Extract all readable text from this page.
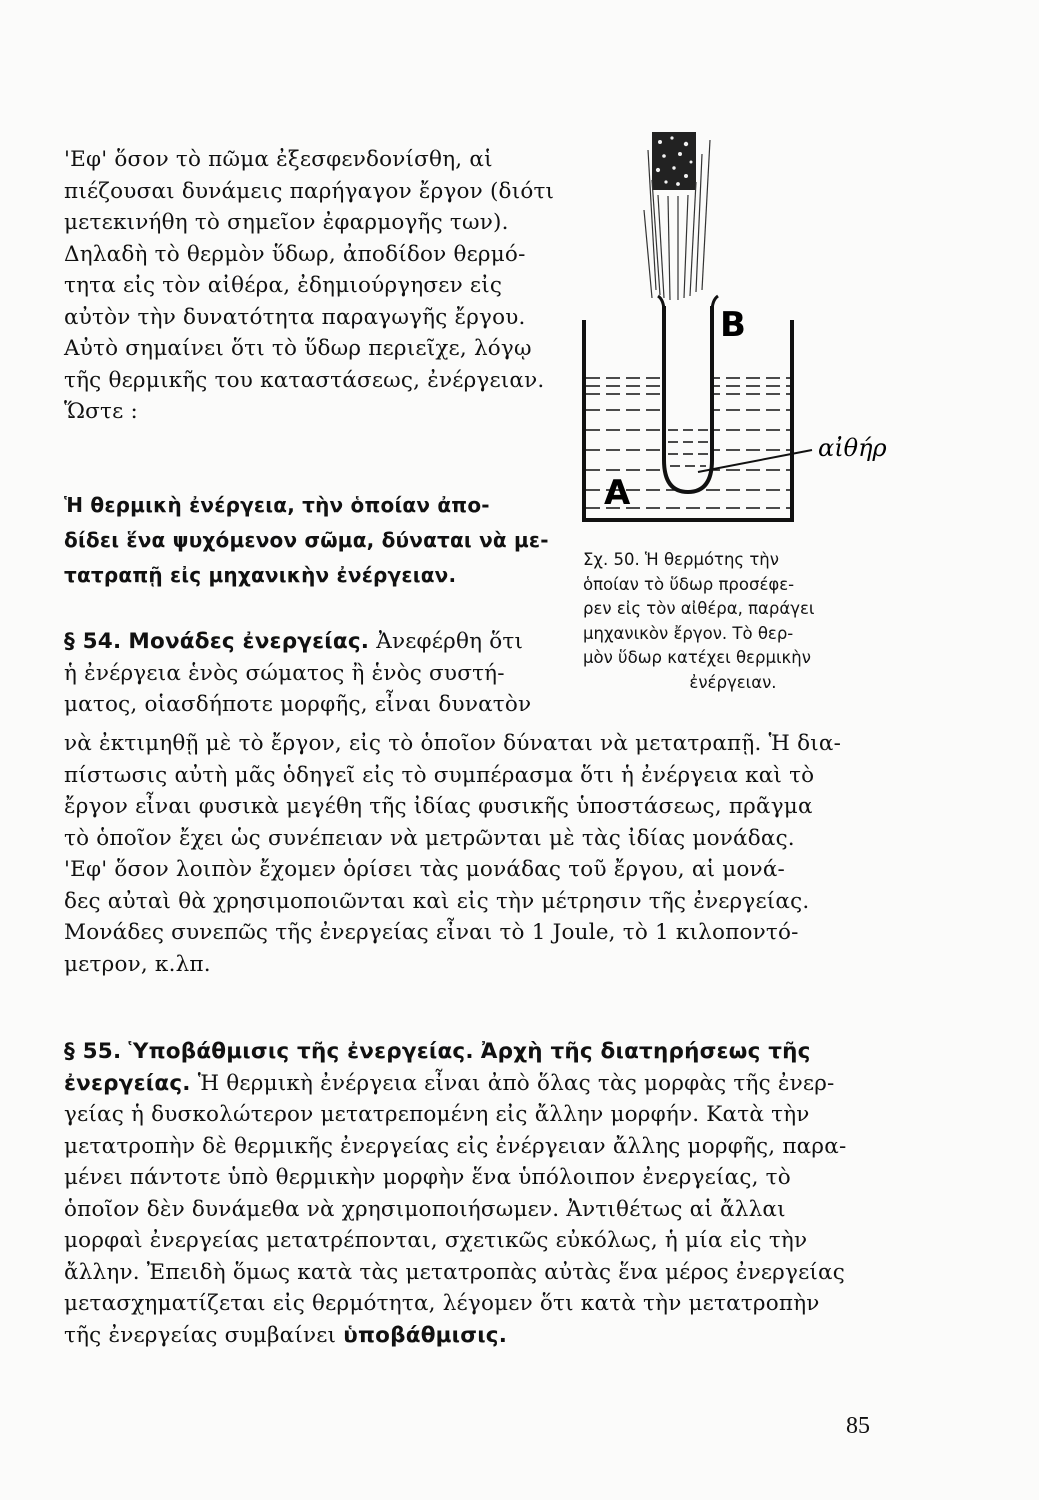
'Εφ' ὅσον τὸ πῶμα ἐξεσφενδονίσθη, αἱ
πιέζουσαι δυνάμεις παρήγαγον ἔργον (διότι
μετεκινήθη τὸ σημεῖον ἐφαρμογῆς των).
Δηλαδὴ τὸ θερμὸν ὕδωρ, ἀποδίδον θερμό-
τητα εἰς τὸν αἰθέρα, ἐδημιούργησεν εἰς
αὐτὸν τὴν δυνατότητα παραγωγῆς ἔργου.
Αὐτὸ σημαίνει ὅτι τὸ ὕδωρ περιεῖχε, λόγῳ
τῆς θερμικῆς του καταστάσεως, ἐνέργειαν.
Ὥστε :
Ἡ θερμικὴ ἐνέργεια, τὴν ὁποίαν ἀπο-
δίδει ἕνα ψυχόμενον σῶμα, δύναται νὰ με-
τατραπῇ εἰς μηχανικὴν ἐνέργειαν.
B
A
αἰθήρ
Σχ. 50. Ἡ θερμότης τὴν
ὁποίαν τὸ ὕδωρ προσέφε-
ρεν εἰς τὸν αἰθέρα, παράγει
μηχανικὸν ἔργον. Τὸ θερ-
μὸν ὕδωρ κατέχει θερμικὴν
ἐνέργειαν.
§ 54. Μονάδες ἐνεργείας. Ἀνεφέρθη ὅτι
ἡ ἐνέργεια ἑνὸς σώματος ἢ ἑνὸς συστή-
ματος, οἱασδήποτε μορφῆς, εἶναι δυνατὸν
νὰ ἐκτιμηθῇ μὲ τὸ ἔργον, εἰς τὸ ὁποῖον δύναται νὰ μετατραπῇ. Ἡ δια-
πίστωσις αὐτὴ μᾶς ὁδηγεῖ εἰς τὸ συμπέρασμα ὅτι ἡ ἐνέργεια καὶ τὸ
ἔργον εἶναι φυσικὰ μεγέθη τῆς ἰδίας φυσικῆς ὑποστάσεως, πρᾶγμα
τὸ ὁποῖον ἔχει ὡς συνέπειαν νὰ μετρῶνται μὲ τὰς ἰδίας μονάδας.
'Εφ' ὅσον λοιπὸν ἔχομεν ὁρίσει τὰς μονάδας τοῦ ἔργου, αἱ μονά-
δες αὐταὶ θὰ χρησιμοποιῶνται καὶ εἰς τὴν μέτρησιν τῆς ἐνεργείας.
Μονάδες συνεπῶς τῆς ἐνεργείας εἶναι τὸ 1 Joule, τὸ 1 κιλοποντό-
μετρον, κ.λπ.
§ 55. Ὑποβάθμισις τῆς ἐνεργείας. Ἀρχὴ τῆς διατηρήσεως τῆς
ἐνεργείας. Ἡ θερμικὴ ἐνέργεια εἶναι ἀπὸ ὅλας τὰς μορφὰς τῆς ἐνερ-
γείας ἡ δυσκολώτερον μετατρεπομένη εἰς ἄλλην μορφήν. Κατὰ τὴν
μετατροπὴν δὲ θερμικῆς ἐνεργείας εἰς ἐνέργειαν ἄλλης μορφῆς, παρα-
μένει πάντοτε ὑπὸ θερμικὴν μορφὴν ἕνα ὑπόλοιπον ἐνεργείας, τὸ
ὁποῖον δὲν δυνάμεθα νὰ χρησιμοποιήσωμεν. Ἀντιθέτως αἱ ἄλλαι
μορφαὶ ἐνεργείας μετατρέπονται, σχετικῶς εὐκόλως, ἡ μία εἰς τὴν
ἄλλην. Ἐπειδὴ ὅμως κατὰ τὰς μετατροπὰς αὐτὰς ἕνα μέρος ἐνεργείας
μετασχηματίζεται εἰς θερμότητα, λέγομεν ὅτι κατὰ τὴν μετατροπὴν
τῆς ἐνεργείας συμβαίνει ὑποβάθμισις.
85
